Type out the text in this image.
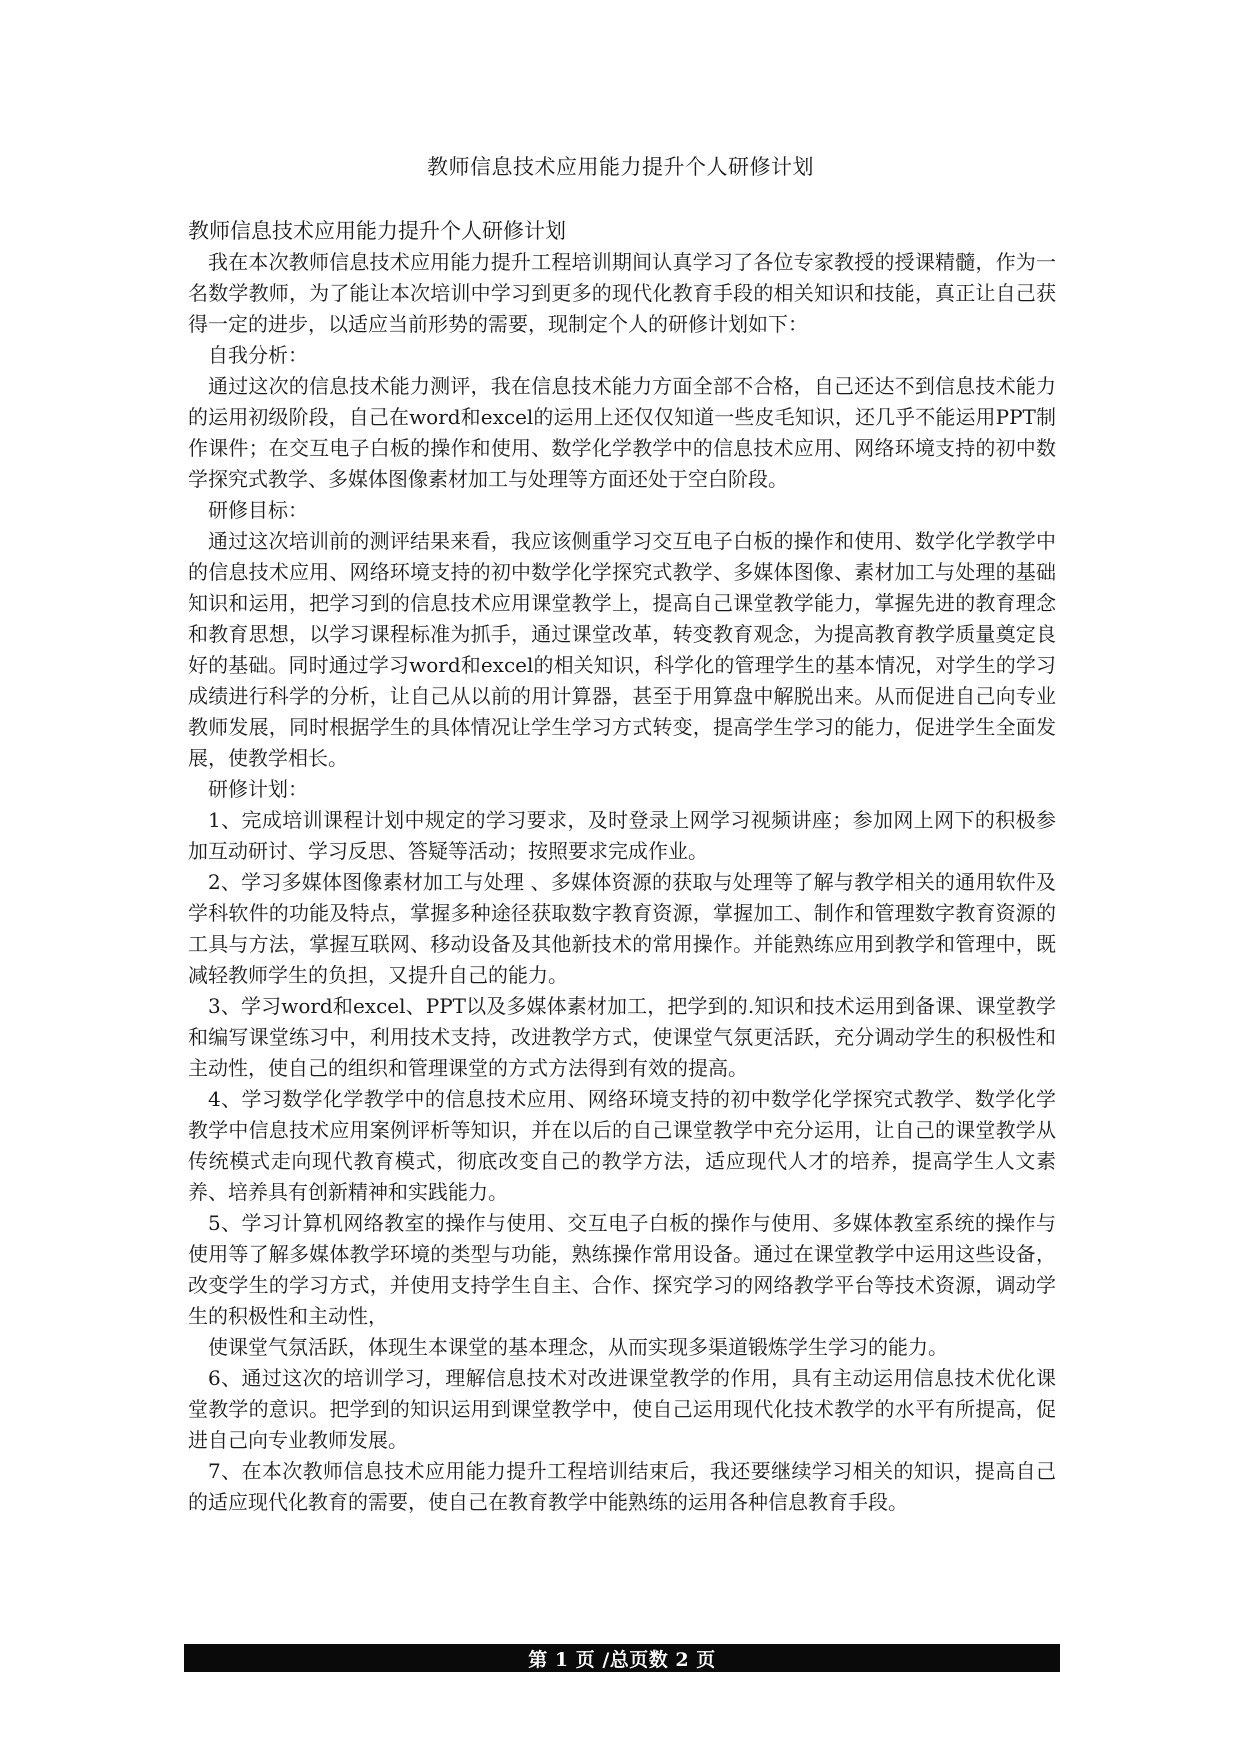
教师信息技术应用能力提升个人研修计划

教师信息技术应用能力提升个人研修计划

我在本次教师信息技术应用能力提升工程培训期间认真学习了各位专家教授的授课精髓，作为一名数学教师，为了能让本次培训中学习到更多的现代化教育手段的相关知识和技能，真正让自己获得一定的进步，以适应当前形势的需要，现制定个人的研修计划如下：

自我分析：

通过这次的信息技术能力测评，我在信息技术能力方面全部不合格，自己还达不到信息技术能力的运用初级阶段，自己在word和excel的运用上还仅仅知道一些皮毛知识，还几乎不能运用PPT制作课件；在交互电子白板的操作和使用、数学化学教学中的信息技术应用、网络环境支持的初中数学探究式教学、多媒体图像素材加工与处理等方面还处于空白阶段。

研修目标：

通过这次培训前的测评结果来看，我应该侧重学习交互电子白板的操作和使用、数学化学教学中的信息技术应用、网络环境支持的初中数学化学探究式教学、多媒体图像、素材加工与处理的基础知识和运用，把学习到的信息技术应用课堂教学上，提高自己课堂教学能力，掌握先进的教育理念和教育思想，以学习课程标准为抓手，通过课堂改革，转变教育观念，为提高教育教学质量奠定良好的基础。同时通过学习word和excel的相关知识，科学化的管理学生的基本情况，对学生的学习成绩进行科学的分析，让自己从以前的用计算器，甚至于用算盘中解脱出来。从而促进自己向专业教师发展，同时根据学生的具体情况让学生学习方式转变，提高学生学习的能力，促进学生全面发展，使教学相长。

研修计划：

1、完成培训课程计划中规定的学习要求，及时登录上网学习视频讲座；参加网上网下的积极参加互动研讨、学习反思、答疑等活动；按照要求完成作业。

2、学习多媒体图像素材加工与处理 、多媒体资源的获取与处理等了解与教学相关的通用软件及学科软件的功能及特点，掌握多种途径获取数字教育资源，掌握加工、制作和管理数字教育资源的工具与方法，掌握互联网、移动设备及其他新技术的常用操作。并能熟练应用到教学和管理中，既减轻教师学生的负担，又提升自己的能力。

3、学习word和excel、PPT以及多媒体素材加工，把学到的.知识和技术运用到备课、课堂教学和编写课堂练习中，利用技术支持，改进教学方式，使课堂气氛更活跃，充分调动学生的积极性和主动性，使自己的组织和管理课堂的方式方法得到有效的提高。

4、学习数学化学教学中的信息技术应用、网络环境支持的初中数学化学探究式教学、数学化学教学中信息技术应用案例评析等知识，并在以后的自己课堂教学中充分运用，让自己的课堂教学从传统模式走向现代教育模式，彻底改变自己的教学方法，适应现代人才的培养，提高学生人文素养、培养具有创新精神和实践能力。

5、学习计算机网络教室的操作与使用、交互电子白板的操作与使用、多媒体教室系统的操作与使用等了解多媒体教学环境的类型与功能，熟练操作常用设备。通过在课堂教学中运用这些设备，改变学生的学习方式，并使用支持学生自主、合作、探究学习的网络教学平台等技术资源，调动学生的积极性和主动性，

使课堂气氛活跃，体现生本课堂的基本理念，从而实现多渠道锻炼学生学习的能力。

6、通过这次的培训学习，理解信息技术对改进课堂教学的作用，具有主动运用信息技术优化课堂教学的意识。把学到的知识运用到课堂教学中，使自己运用现代化技术教学的水平有所提高，促进自己向专业教师发展。

7、在本次教师信息技术应用能力提升工程培训结束后，我还要继续学习相关的知识，提高自己的适应现代化教育的需要，使自己在教育教学中能熟练的运用各种信息教育手段。

第 1 页 /总页数 2 页
